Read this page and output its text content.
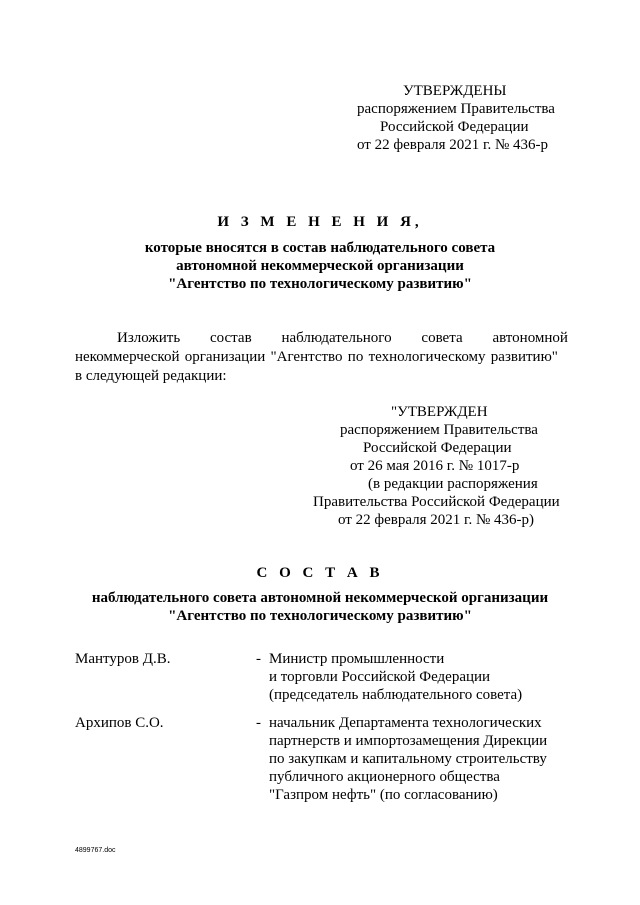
УТВЕРЖДЕНЫ
распоряжением Правительства
Российской Федерации
от 22 февраля 2021 г. № 436-р
И З М Е Н Е Н И Я,
которые вносятся в состав наблюдательного совета
автономной некоммерческой организации
"Агентство по технологическому развитию"
Изложить состав наблюдательного совета автономной
некоммерческой организации "Агентство по технологическому развитию"
в следующей редакции:
"УТВЕРЖДЕН
распоряжением Правительства
Российской Федерации
от 26 мая 2016 г. № 1017-р
(в редакции распоряжения
Правительства Российской Федерации
от 22 февраля 2021 г. № 436-р)
С О С Т А В
наблюдательного совета автономной некоммерческой организации
"Агентство по технологическому развитию"
Мантуров Д.В.	- Министр промышленности
и торговли Российской Федерации
(председатель наблюдательного совета)
Архипов С.О.	- начальник Департамента технологических
партнерств и импортозамещения Дирекции
по закупкам и капитальному строительству
публичного акционерного общества
"Газпром нефть" (по согласованию)
4899767.doc
